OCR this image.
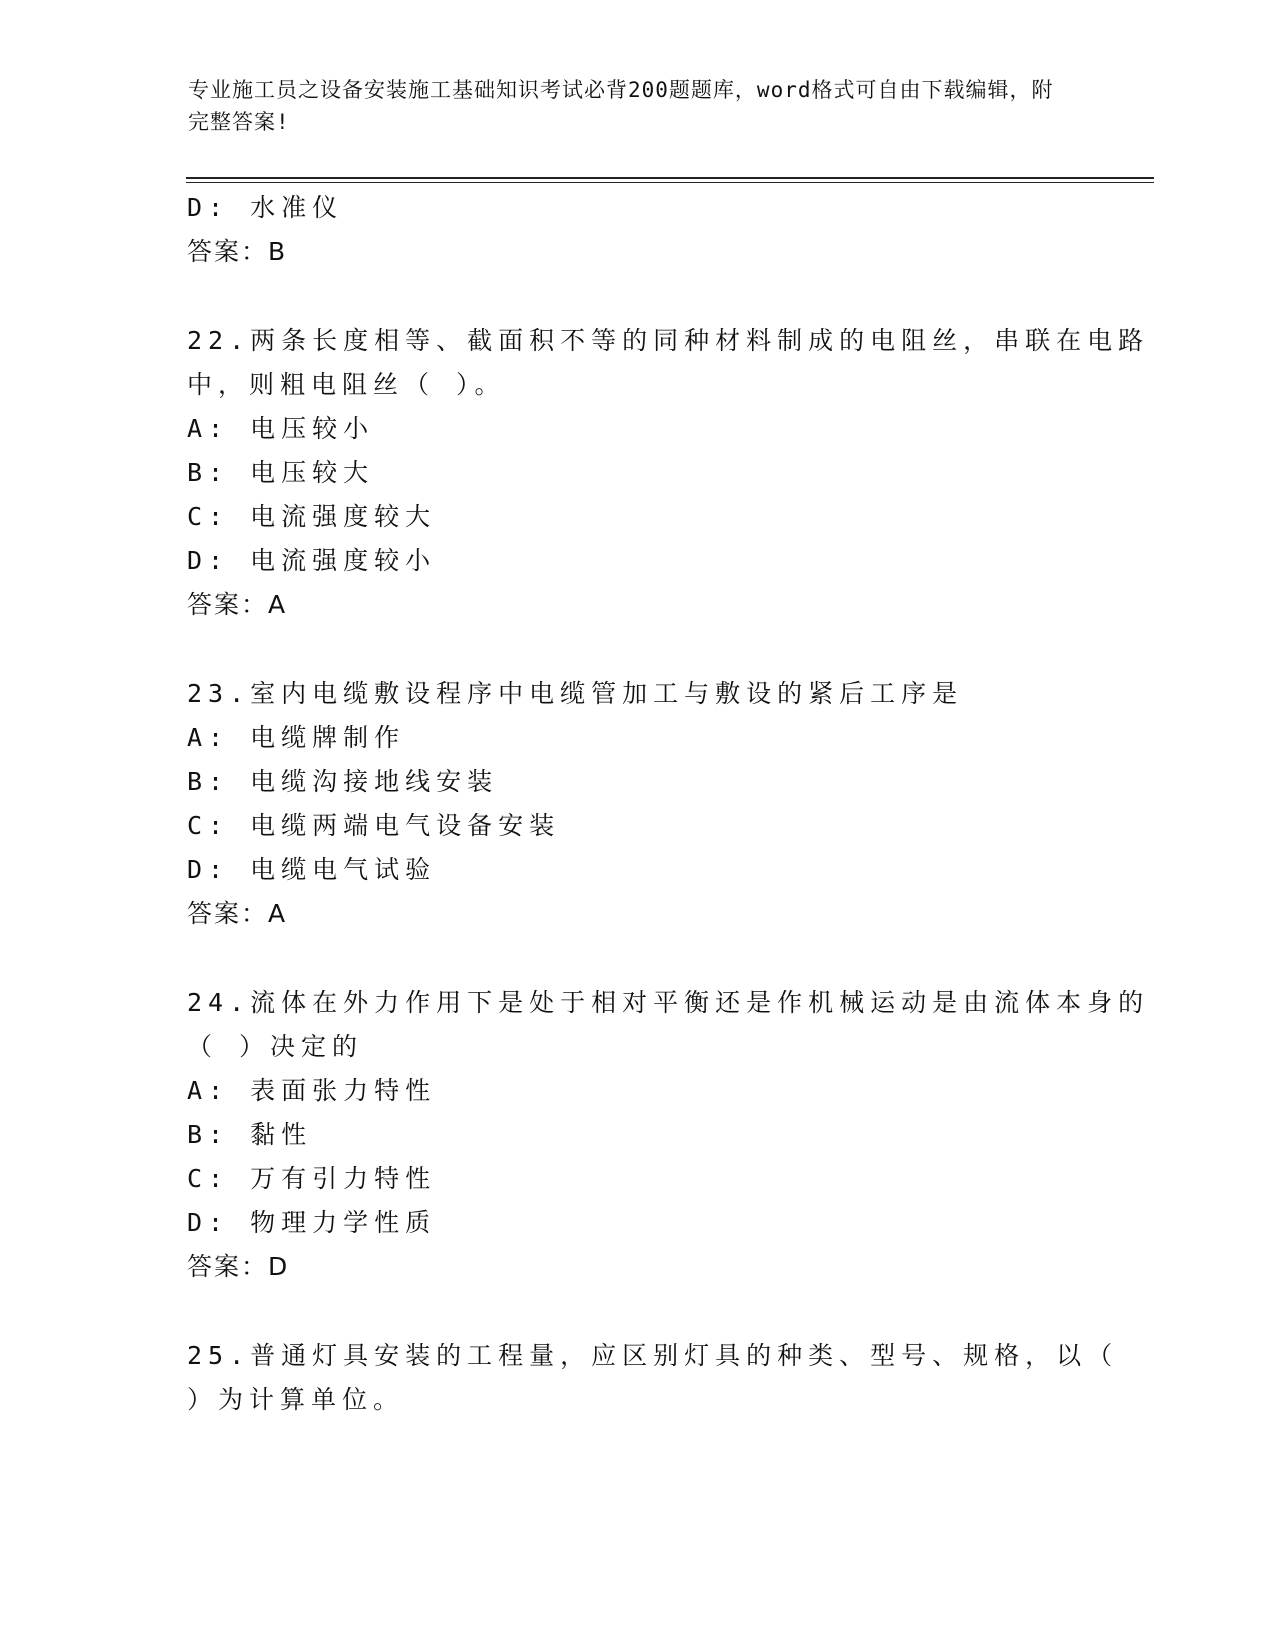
专业施工员之设备安装施工基础知识考试必背200题题库，word格式可自由下载编辑，附完整答案!
D: 水准仪
答案：B
22.两条长度相等、截面积不等的同种材料制成的电阻丝，串联在电路
中，则粗电阻丝（ ）。
A: 电压较小
B: 电压较大
C: 电流强度较大
D: 电流强度较小
答案：A
23.室内电缆敷设程序中电缆管加工与敷设的紧后工序是
A: 电缆牌制作
B: 电缆沟接地线安装
C: 电缆两端电气设备安装
D: 电缆电气试验
答案：A
24.流体在外力作用下是处于相对平衡还是作机械运动是由流体本身的
（ ）决定的
A: 表面张力特性
B: 黏性
C: 万有引力特性
D: 物理力学性质
答案：D
25.普通灯具安装的工程量，应区别灯具的种类、型号、规格，以（
）为计算单位。
